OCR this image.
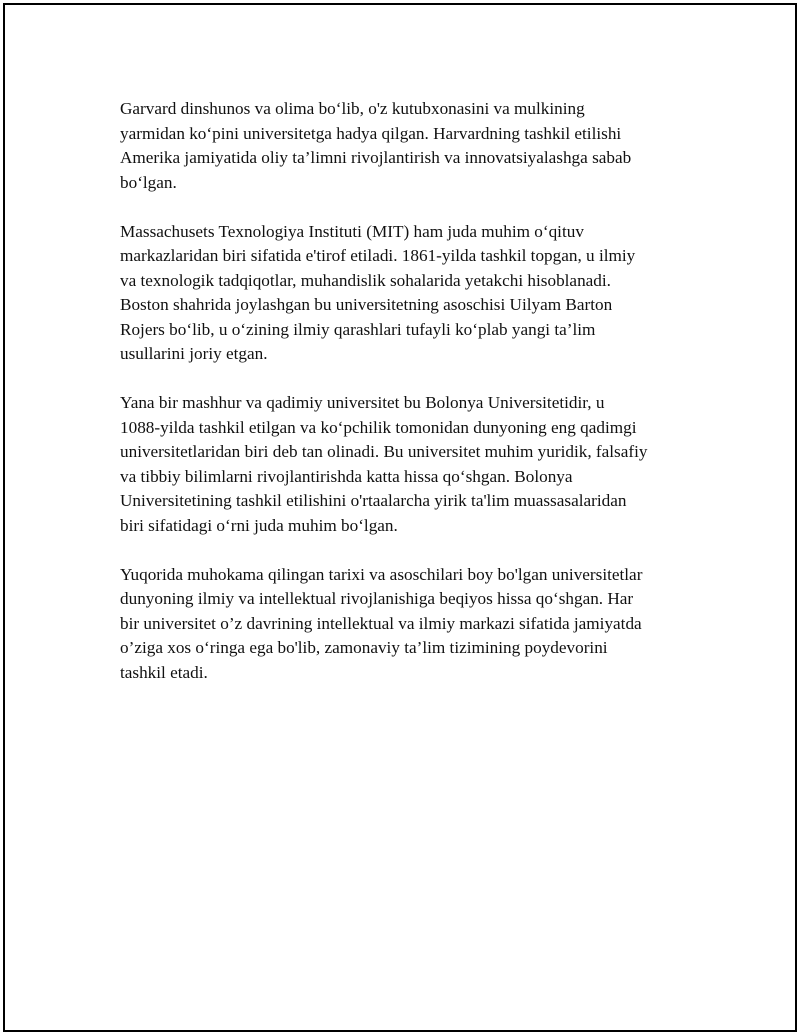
Garvard dinshunos va olima bo‘lib, o'z kutubxonasini va mulkining
yarmidan ko‘pini universitetga hadya qilgan. Harvardning tashkil etilishi
Amerika jamiyatida oliy ta’limni rivojlantirish va innovatsiyalashga sabab
bo‘lgan.

Massachusets Texnologiya Instituti (MIT) ham juda muhim o‘qituv
markazlaridan biri sifatida e'tirof etiladi. 1861-yilda tashkil topgan, u ilmiy
va texnologik tadqiqotlar, muhandislik sohalarida yetakchi hisoblanadi.
Boston shahrida joylashgan bu universitetning asoschisi Uilyam Barton
Rojers bo‘lib, u o‘zining ilmiy qarashlari tufayli ko‘plab yangi ta’lim
usullarini joriy etgan.

Yana bir mashhur va qadimiy universitet bu Bolonya Universitetidir, u
1088-yilda tashkil etilgan va ko‘pchilik tomonidan dunyoning eng qadimgi
universitetlaridan biri deb tan olinadi. Bu universitet muhim yuridik, falsafiy
va tibbiy bilimlarni rivojlantirishda katta hissa qo‘shgan. Bolonya
Universitetining tashkil etilishini o'rtaalarcha yirik ta'lim muassasalaridan
biri sifatidagi o‘rni juda muhim bo‘lgan.

Yuqorida muhokama qilingan tarixi va asoschilari boy bo'lgan universitetlar
dunyoning ilmiy va intellektual rivojlanishiga beqiyos hissa qo‘shgan. Har
bir universitet o’z davrining intellektual va ilmiy markazi sifatida jamiyatda
o’ziga xos o‘ringa ega bo'lib, zamonaviy ta’lim tizimining poydevorini
tashkil etadi.
